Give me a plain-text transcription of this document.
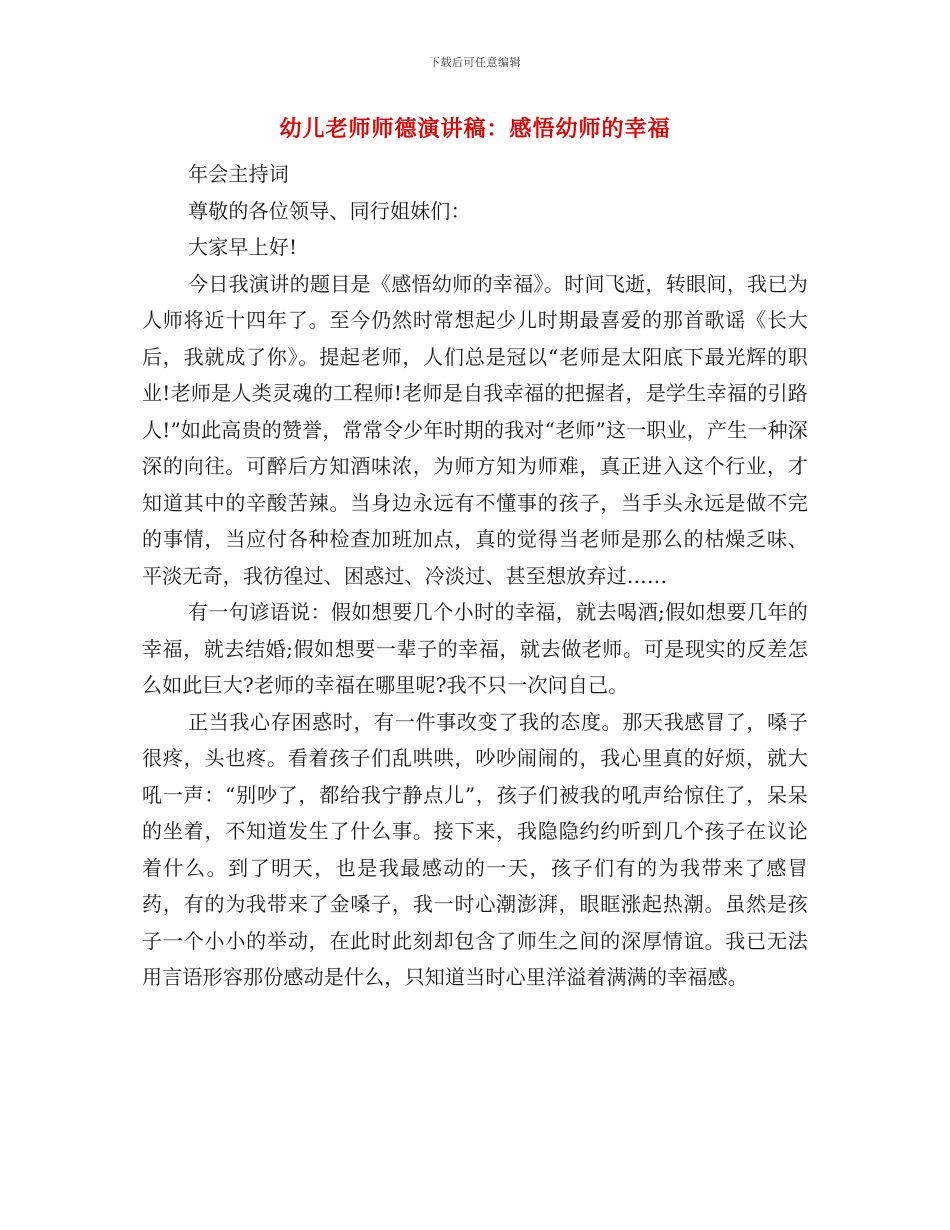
下载后可任意编辑
幼儿老师师德演讲稿：感悟幼师的幸福

年会主持词

尊敬的各位领导、同行姐妹们：

大家早上好!

今日我演讲的题目是《感悟幼师的幸福》。时间飞逝，转眼间，我已为人师将近十四年了。至今仍然时常想起少儿时期最喜爱的那首歌谣《长大后，我就成了你》。提起老师，人们总是冠以“老师是太阳底下最光辉的职业!老师是人类灵魂的工程师!老师是自我幸福的把握者，是学生幸福的引路人!”如此高贵的赞誉，常常令少年时期的我对“老师”这一职业，产生一种深深的向往。可醉后方知酒味浓，为师方知为师难，真正进入这个行业，才知道其中的辛酸苦辣。当身边永远有不懂事的孩子，当手头永远是做不完的事情，当应付各种检查加班加点，真的觉得当老师是那么的枯燥乏味、平淡无奇，我彷徨过、困惑过、冷淡过、甚至想放弃过……

有一句谚语说：假如想要几个小时的幸福，就去喝酒;假如想要几年的幸福，就去结婚;假如想要一辈子的幸福，就去做老师。可是现实的反差怎么如此巨大?老师的幸福在哪里呢?我不只一次问自己。

正当我心存困惑时，有一件事改变了我的态度。那天我感冒了，嗓子很疼，头也疼。看着孩子们乱哄哄，吵吵闹闹的，我心里真的好烦，就大吼一声：“别吵了，都给我宁静点儿”，孩子们被我的吼声给惊住了，呆呆的坐着，不知道发生了什么事。接下来，我隐隐约约听到几个孩子在议论着什么。到了明天，也是我最感动的一天，孩子们有的为我带来了感冒药，有的为我带来了金嗓子，我一时心潮澎湃，眼眶涨起热潮。虽然是孩子一个小小的举动，在此时此刻却包含了师生之间的深厚情谊。我已无法用言语形容那份感动是什么，只知道当时心里洋溢着满满的幸福感。
